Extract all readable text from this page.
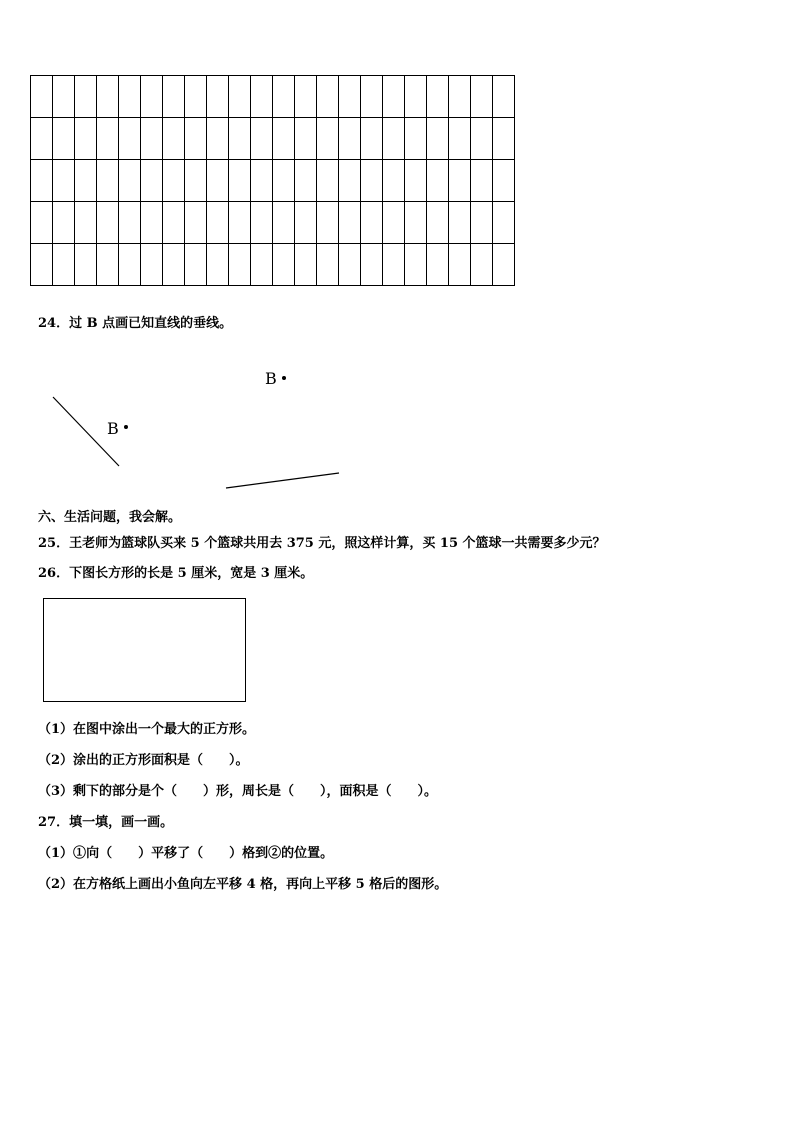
24．过 B 点画已知直线的垂线。
B
B
六、生活问题，我会解。
25．王老师为篮球队买来 5 个篮球共用去 375 元，照这样计算，买 15 个篮球一共需要多少元？
26．下图长方形的长是 5 厘米，宽是 3 厘米。
（1）在图中涂出一个最大的正方形。
（2）涂出的正方形面积是（　　）。
（3）剩下的部分是个（　　）形，周长是（　　），面积是（　　）。
27．填一填，画一画。
（1）①向（　　）平移了（　　）格到②的位置。
（2）在方格纸上画出小鱼向左平移 4 格，再向上平移 5 格后的图形。
